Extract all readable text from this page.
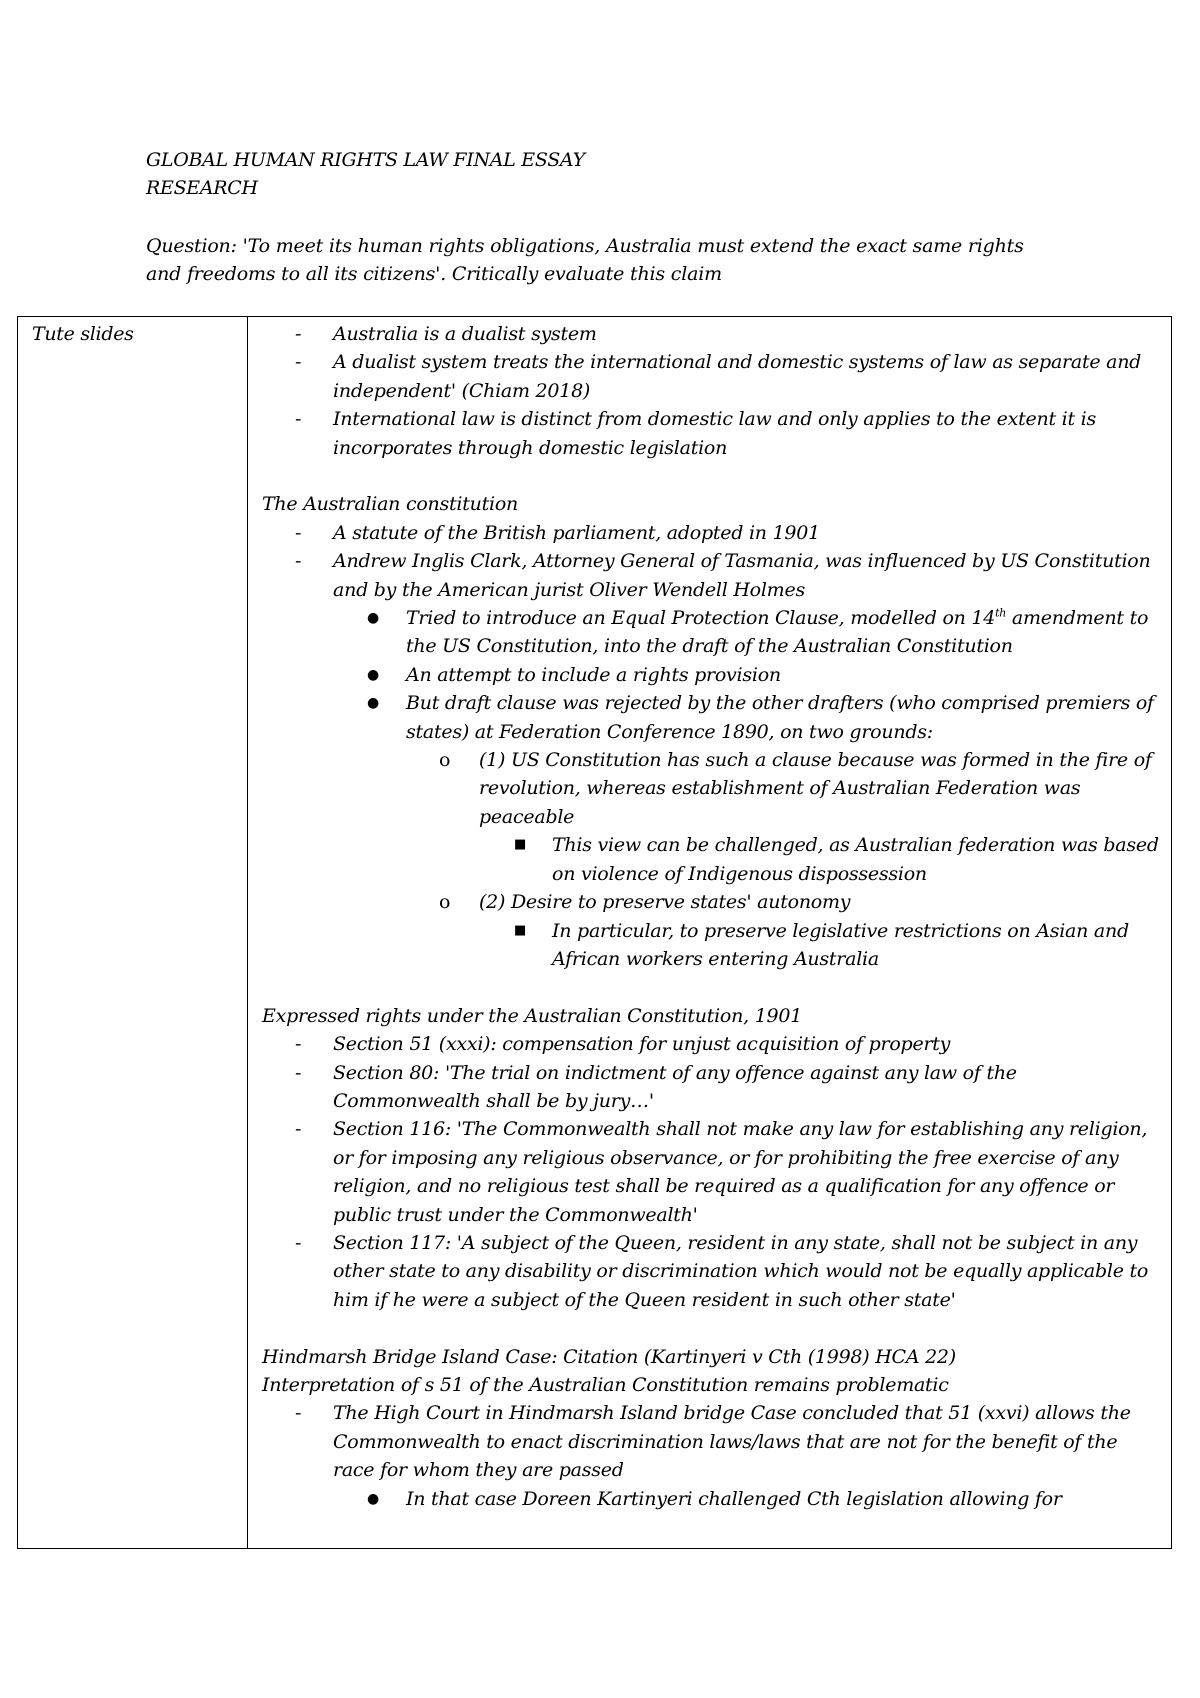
GLOBAL HUMAN RIGHTS LAW FINAL ESSAY
RESEARCH
Question: 'To meet its human rights obligations, Australia must extend the exact same rights and freedoms to all its citizens'. Critically evaluate this claim
Tute slides	- Australia is a dualist system
- A dualist system treats the international and domestic systems of law as separate and independent' (Chiam 2018)
- International law is distinct from domestic law and only applies to the extent it is incorporates through domestic legislation
The Australian constitution
- A statute of the British parliament, adopted in 1901
- Andrew Inglis Clark, Attorney General of Tasmania, was influenced by US Constitution and by the American jurist Oliver Wendell Holmes
● Tried to introduce an Equal Protection Clause, modelled on 14th amendment to the US Constitution, into the draft of the Australian Constitution
● An attempt to include a rights provision
● But draft clause was rejected by the other drafters (who comprised premiers of states) at Federation Conference 1890, on two grounds:
o (1) US Constitution has such a clause because was formed in the fire of revolution, whereas establishment of Australian Federation was peaceable
■ This view can be challenged, as Australian federation was based on violence of Indigenous dispossession
o (2) Desire to preserve states' autonomy
■ In particular, to preserve legislative restrictions on Asian and African workers entering Australia
Expressed rights under the Australian Constitution, 1901
- Section 51 (xxxi): compensation for unjust acquisition of property
- Section 80: 'The trial on indictment of any offence against any law of the Commonwealth shall be by jury…'
- Section 116: 'The Commonwealth shall not make any law for establishing any religion, or for imposing any religious observance, or for prohibiting the free exercise of any religion, and no religious test shall be required as a qualification for any offence or public trust under the Commonwealth'
- Section 117: 'A subject of the Queen, resident in any state, shall not be subject in any other state to any disability or discrimination which would not be equally applicable to him if he were a subject of the Queen resident in such other state'
Hindmarsh Bridge Island Case: Citation (Kartinyeri v Cth (1998) HCA 22)
Interpretation of s 51 of the Australian Constitution remains problematic
- The High Court in Hindmarsh Island bridge Case concluded that 51 (xxvi) allows the Commonwealth to enact discrimination laws/laws that are not for the benefit of the race for whom they are passed
● In that case Doreen Kartinyeri challenged Cth legislation allowing for
